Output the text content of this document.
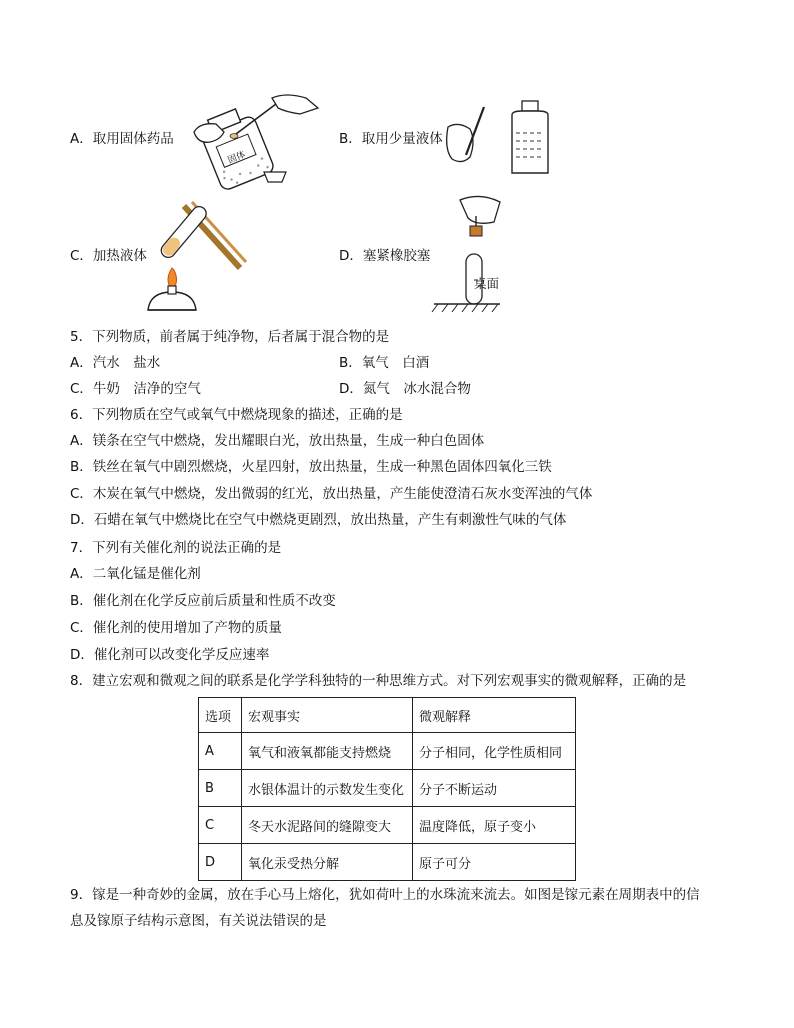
A．取用固体药品
固体
B．取用少量液体
C．加热液体	D．塞紧橡胶塞
桌面
5．下列物质，前者属于纯净物，后者属于混合物的是
A．汽水　盐水	B．氧气　白酒
C．牛奶　洁净的空气	D．氮气　冰水混合物
6．下列物质在空气或氧气中燃烧现象的描述，正确的是
A．镁条在空气中燃烧，发出耀眼白光，放出热量，生成一种白色固体
B．铁丝在氧气中剧烈燃烧，火星四射，放出热量，生成一种黑色固体四氧化三铁
C．木炭在氧气中燃烧，发出微弱的红光，放出热量，产生能使澄清石灰水变浑浊的气体
D．石蜡在氧气中燃烧比在空气中燃烧更剧烈，放出热量，产生有刺激性气味的气体
7．下列有关催化剂的说法正确的是
A．二氧化锰是催化剂
B．催化剂在化学反应前后质量和性质不改变
C．催化剂的使用增加了产物的质量
D．催化剂可以改变化学反应速率
8．建立宏观和微观之间的联系是化学学科独特的一种思维方式。对下列宏观事实的微观解释，正确的是
选项	宏观事实	微观解释
A	氧气和液氧都能支持燃烧	分子相同，化学性质相同
B	水银体温计的示数发生变化	分子不断运动
C	冬天水泥路间的缝隙变大	温度降低，原子变小
D	氧化汞受热分解	原子可分
9．镓是一种奇妙的金属，放在手心马上熔化，犹如荷叶上的水珠流来流去。如图是镓元素在周期表中的信
息及镓原子结构示意图，有关说法错误的是
